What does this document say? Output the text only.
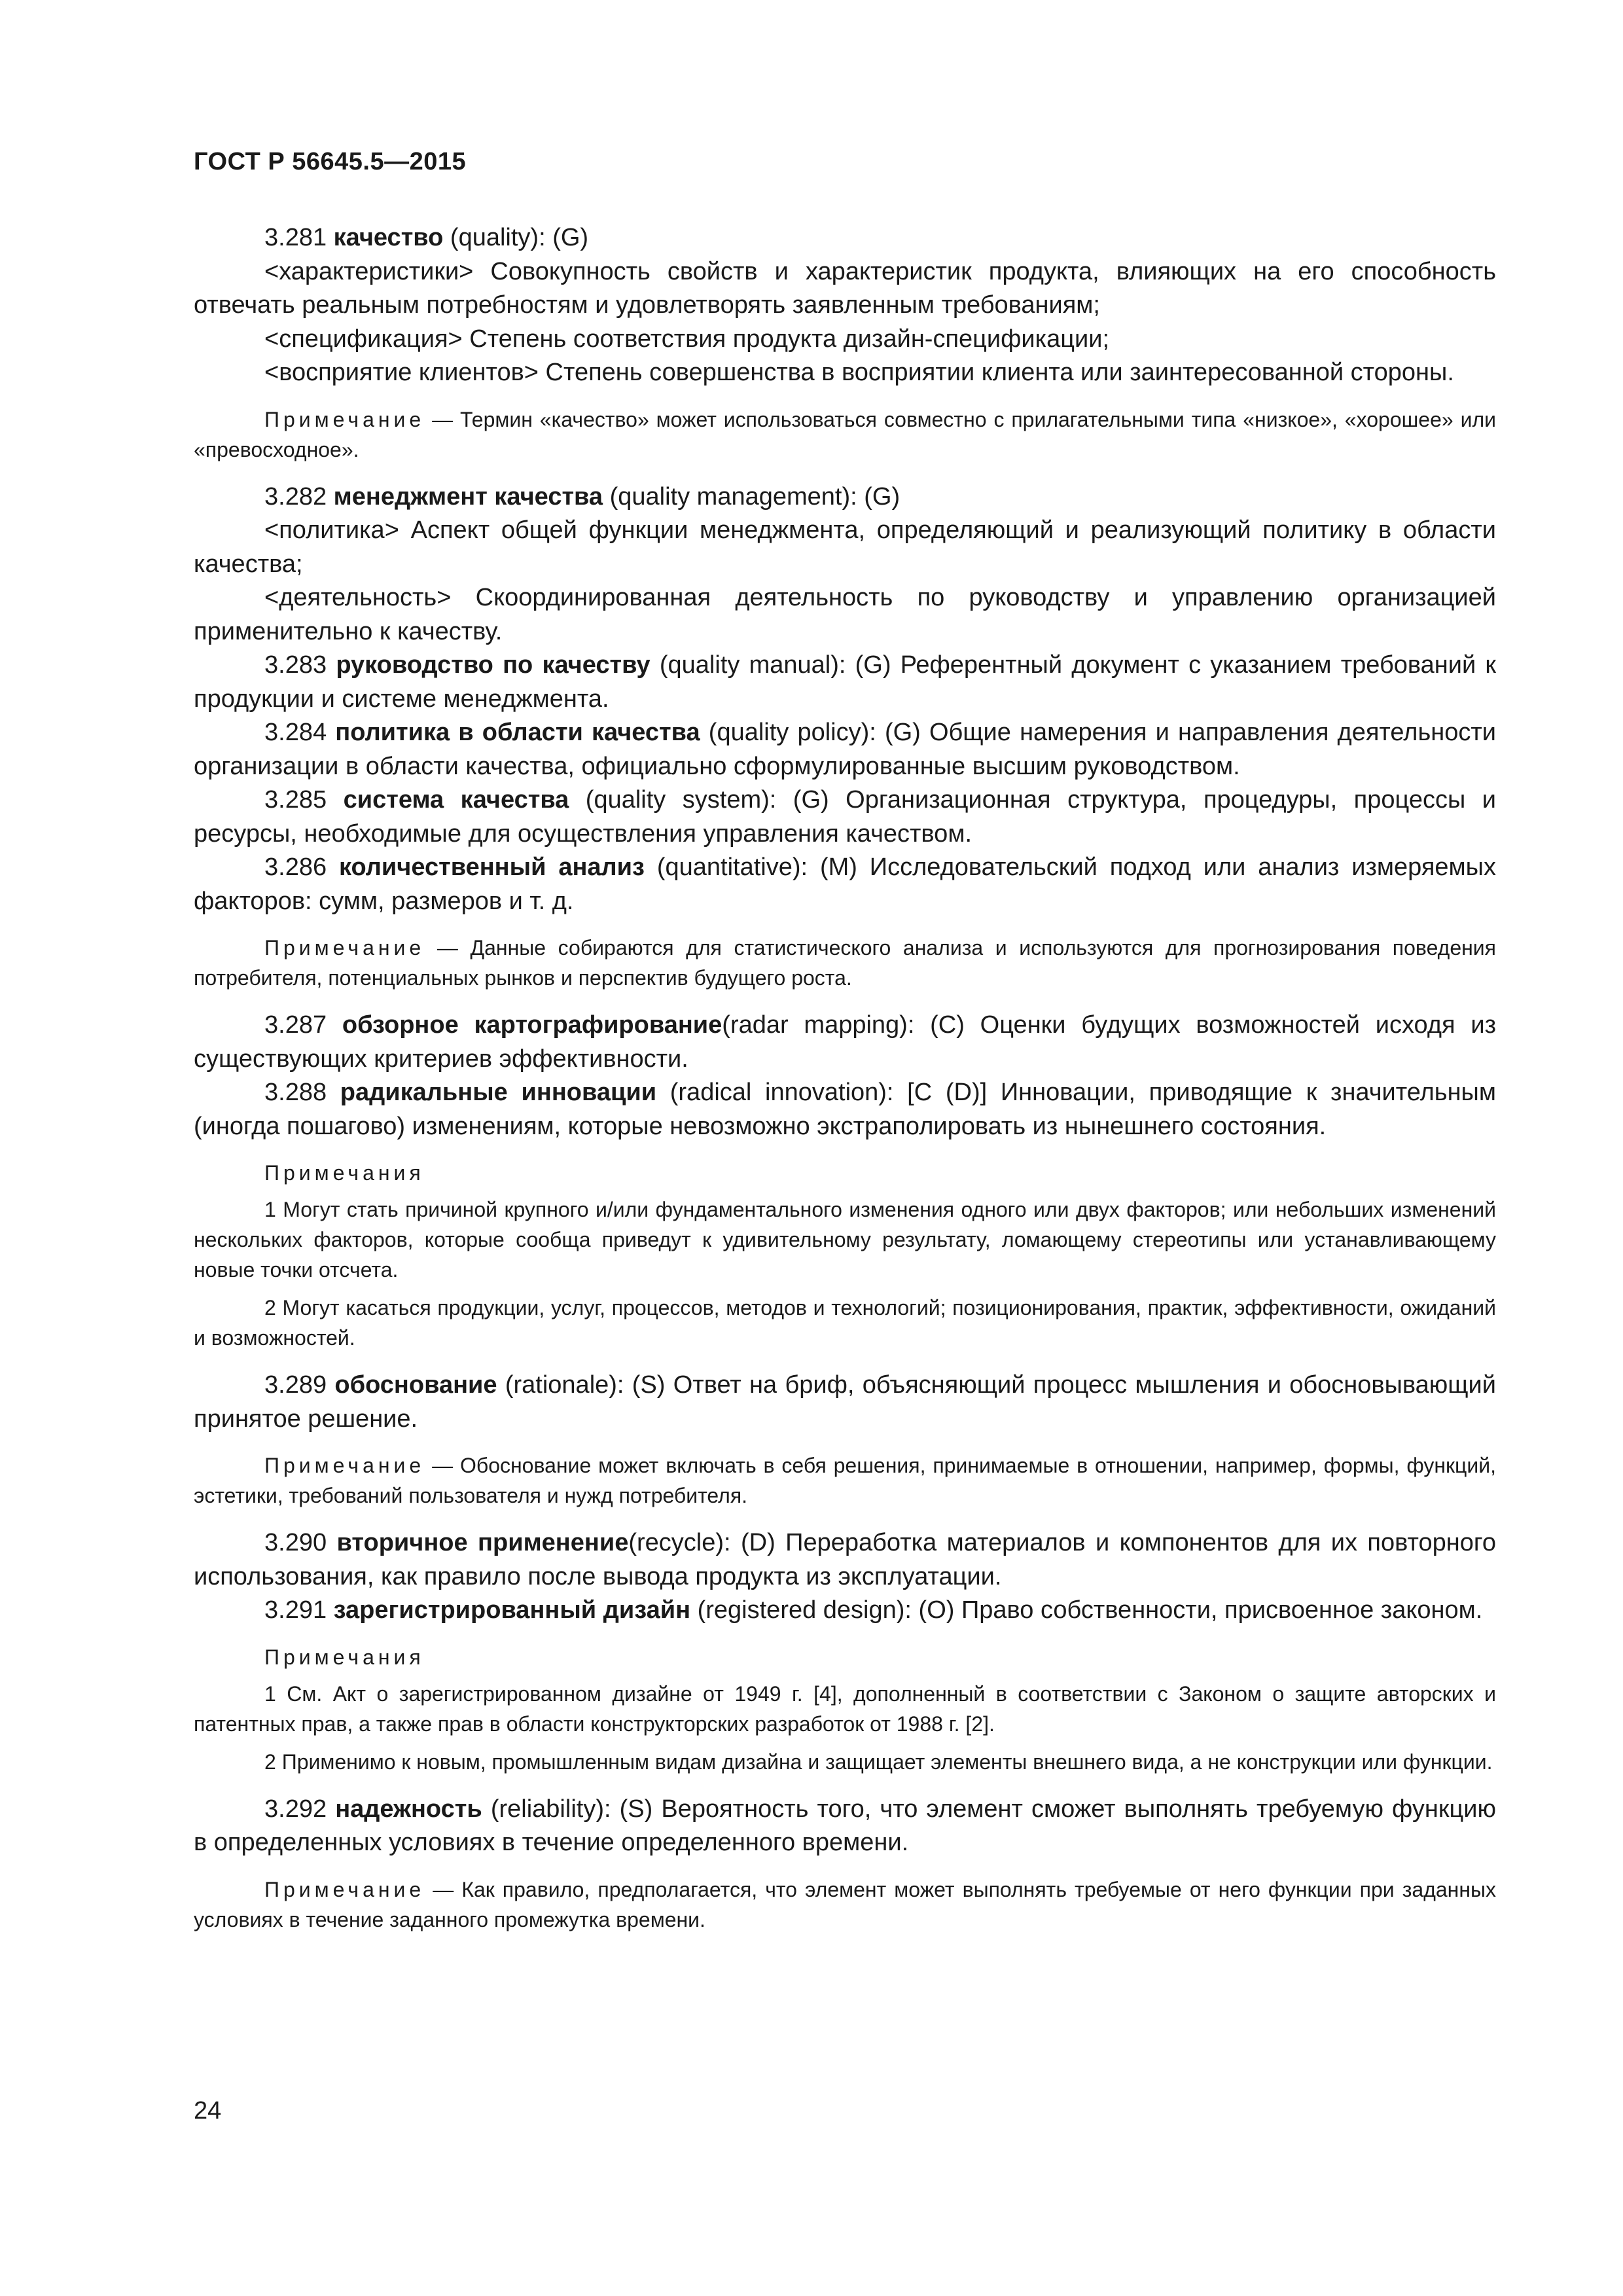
ГОСТ Р 56645.5—2015

3.281 качество (quality): (G)

<характеристики> Совокупность свойств и характеристик продукта, влияющих на его способность отвечать реальным потребностям и удовлетворять заявленным требованиям;

<спецификация> Степень соответствия продукта дизайн-спецификации;

<восприятие клиентов> Степень совершенства в восприятии клиента или заинтересованной стороны.

Примечание — Термин «качество» может использоваться совместно с прилагательными типа «низкое», «хорошее» или «превосходное».

3.282 менеджмент качества (quality management): (G)

<политика> Аспект общей функции менеджмента, определяющий и реализующий политику в области качества;

<деятельность> Скоординированная деятельность по руководству и управлению организацией применительно к качеству.

3.283 руководство по качеству (quality manual): (G) Референтный документ с указанием требований к продукции и системе менеджмента.

3.284 политика в области качества (quality policy): (G) Общие намерения и направления деятельности организации в области качества, официально сформулированные высшим руководством.

3.285 система качества (quality system): (G) Организационная структура, процедуры, процессы и ресурсы, необходимые для осуществления управления качеством.

3.286 количественный анализ (quantitative): (M) Исследовательский подход или анализ измеряемых факторов: сумм, размеров и т. д.

Примечание — Данные собираются для статистического анализа и используются для прогнозирования поведения потребителя, потенциальных рынков и перспектив будущего роста.

3.287 обзорное картографирование(radar mapping): (C) Оценки будущих возможностей исходя из существующих критериев эффективности.

3.288 радикальные инновации (radical innovation): [C (D)] Инновации, приводящие к значительным (иногда пошагово) изменениям, которые невозможно экстраполировать из нынешнего состояния.

Примечания

1 Могут стать причиной крупного и/или фундаментального изменения одного или двух факторов; или небольших изменений нескольких факторов, которые сообща приведут к удивительному результату, ломающему стереотипы или устанавливающему новые точки отсчета.

2 Могут касаться продукции, услуг, процессов, методов и технологий; позиционирования, практик, эффективности, ожиданий и возможностей.

3.289 обоснование (rationale): (S) Ответ на бриф, объясняющий процесс мышления и обосновывающий принятое решение.

Примечание — Обоснование может включать в себя решения, принимаемые в отношении, например, формы, функций, эстетики, требований пользователя и нужд потребителя.

3.290 вторичное применение(recycle): (D) Переработка материалов и компонентов для их повторного использования, как правило после вывода продукта из эксплуатации.

3.291 зарегистрированный дизайн (registered design): (O) Право собственности, присвоенное законом.

Примечания

1 См. Акт о зарегистрированном дизайне от 1949 г. [4], дополненный в соответствии с Законом о защите авторских и патентных прав, а также прав в области конструкторских разработок от 1988 г. [2].

2 Применимо к новым, промышленным видам дизайна и защищает элементы внешнего вида, а не конструкции или функции.

3.292 надежность (reliability): (S) Вероятность того, что элемент сможет выполнять требуемую функцию в определенных условиях в течение определенного времени.

Примечание — Как правило, предполагается, что элемент может выполнять требуемые от него функции при заданных условиях в течение заданного промежутка времени.

24
